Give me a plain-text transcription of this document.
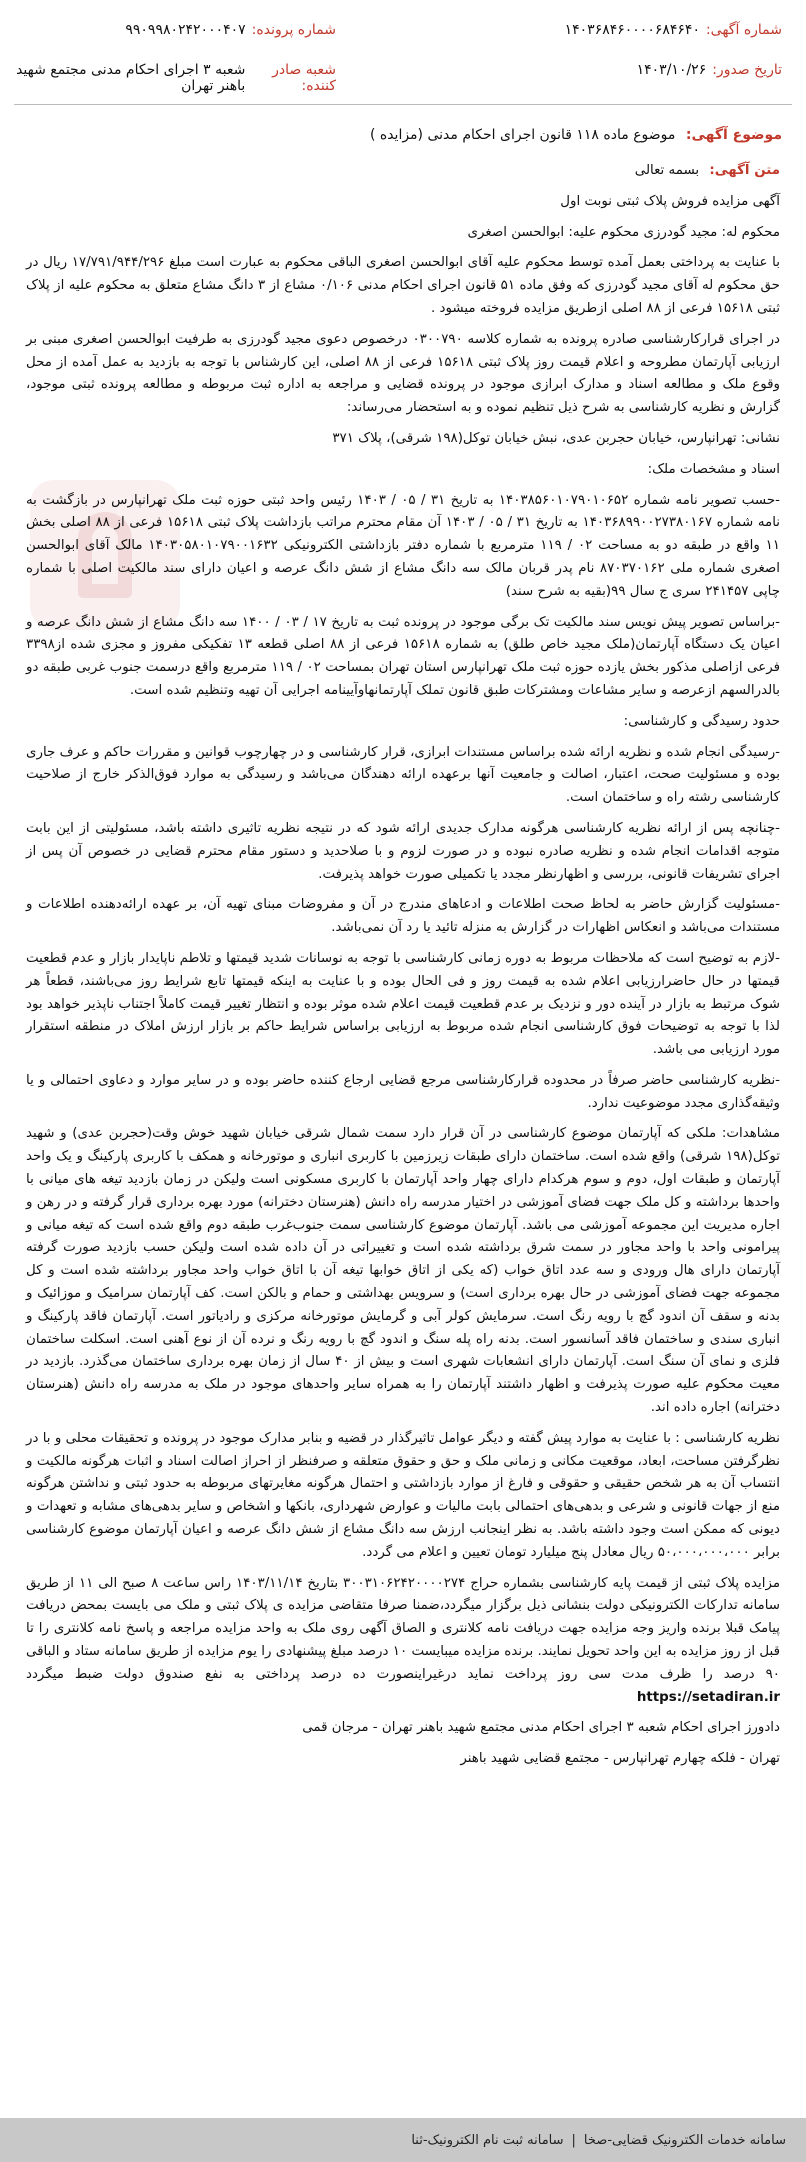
شماره آگهی:
۱۴۰۳۶۸۴۶۰۰۰۰۶۸۴۶۴۰
شماره پرونده:
۹۹۰۹۹۸۰۲۴۲۰۰۰۴۰۷
تاریخ صدور:
۱۴۰۳/۱۰/۲۶
شعبه صادر کننده:
شعبه ۳ اجرای احکام مدنی مجتمع شهید باهنر تهران
موضوع آگهی: موضوع ماده ۱۱۸ قانون اجرای احکام مدنی (مزایده )

متن آگهی: بسمه تعالی

آگهی مزایده فروش پلاک ثبتی نوبت اول

محکوم له: مجید گودرزی محکوم علیه: ابوالحسن اصغری

با عنایت به پرداختی بعمل آمده توسط محکوم علیه آقای ابوالحسن اصغری الباقی محکوم به عبارت است مبلغ ۱۷/۷۹۱/۹۴۴/۲۹۶ ریال در حق محکوم له آقای مجید گودرزی که وفق ماده ۵۱ قانون اجرای احکام مدنی ۰/۱۰۶ مشاع از ۳ دانگ مشاع متعلق به محکوم علیه از پلاک ثبتی ۱۵۶۱۸ فرعی از ۸۸ اصلی ازطریق مزایده فروخته میشود .

در اجرای قرارکارشناسی صادره پرونده به شماره کلاسه ۰۳۰۰۷۹۰ درخصوص دعوی مجید گودرزی به طرفیت ابوالحسن اصغری مبنی بر ارزیابی آپارتمان مطروحه و اعلام قیمت روز پلاک ثبتی ۱۵۶۱۸ فرعی از ۸۸ اصلی، این کارشناس با توجه به بازدید به عمل آمده از محل وقوع ملک و مطالعه اسناد و مدارک ابرازی موجود در پرونده قضایی و مراجعه به اداره ثبت مربوطه و مطالعه پرونده ثبتی موجود، گزارش و نظریه کارشناسی به شرح ذیل تنظیم نموده و به استحضار می‌رساند:

نشانی: تهرانپارس، خیابان حجربن عدی، نبش خیابان توکل(۱۹۸ شرقی)، پلاک ۳۷۱

اسناد و مشخصات ملک:

-حسب تصویر نامه شماره ۱۴۰۳۸۵۶۰۱۰۷۹۰۱۰۶۵۲ به تاریخ ۳۱ / ۰۵ / ۱۴۰۳ رئیس واحد ثبتی حوزه ثبت ملک تهرانپارس در بازگشت به نامه شماره ۱۴۰۳۶۸۹۹۰۰۲۷۳۸۰۱۶۷ به تاریخ ۳۱ / ۰۵ / ۱۴۰۳ آن مقام محترم مراتب بازداشت پلاک ثبتی ۱۵۶۱۸ فرعی از ۸۸ اصلی بخش ۱۱ واقع در طبقه دو به مساحت ۰۲ / ۱۱۹ مترمربع با شماره دفتر بازداشتی الکترونیکی ۱۴۰۳۰۵۸۰۱۰۷۹۰۰۱۶۳۲ مالک آقای ابوالحسن اصغری شماره ملی ۸۷۰۳۷۰۱۶۲ نام پدر قربان مالک سه دانگ مشاع از شش دانگ عرصه و اعیان دارای سند مالکیت اصلی با شماره چاپی ۲۴۱۴۵۷ سری ج سال ۹۹(بقیه به شرح سند)

-براساس تصویر پیش نویس سند مالکیت تک برگی موجود در پرونده ثبت به تاریخ ۱۷ / ۰۳ / ۱۴۰۰ سه دانگ مشاع از شش دانگ عرصه و اعیان یک دستگاه آپارتمان(ملک مجید خاص طلق) به شماره ۱۵۶۱۸ فرعی از ۸۸ اصلی قطعه ۱۳ تفکیکی مفروز و مجزی شده از۳۳۹۸ فرعی ازاصلی مذکور بخش یازده حوزه ثبت ملک تهرانپارس استان تهران بمساحت ۰۲ / ۱۱۹ مترمربع واقع درسمت جنوب غربی طبقه دو بالدرالسهم ازعرصه و سایر مشاعات ومشترکات طبق قانون تملک آپارتمانهاوآیینامه اجرایی آن تهیه وتنظیم شده است.

حدود رسیدگی و کارشناسی:

-رسیدگی انجام شده و نظریه ارائه شده براساس مستندات ابرازی، قرار کارشناسی و در چهارچوب قوانین و مقررات حاکم و عرف جاری بوده و مسئولیت صحت، اعتبار، اصالت و جامعیت آنها برعهده ارائه دهندگان می‌باشد و رسیدگی به موارد فوق‌الذکر خارج از صلاحیت کارشناسی رشته راه و ساختمان است.

-چنانچه پس از ارائه نظریه کارشناسی هرگونه مدارک جدیدی ارائه شود که در نتیجه نظریه تاثیری داشته باشد، مسئولیتی از این بابت متوجه اقدامات انجام شده و نظریه صادره نبوده و در صورت لزوم و با صلاحدید و دستور مقام محترم قضایی در خصوص آن پس از اجرای تشریفات قانونی، بررسی و اظهارنظر مجدد یا تکمیلی صورت خواهد پذیرفت.

-مسئولیت گزارش حاضر به لحاظ صحت اطلاعات و ادعاهای مندرج در آن و مفروضات مبنای تهیه آن، بر عهده ارائه‌دهنده اطلاعات و مستندات می‌باشد و انعکاس اظهارات در گزارش به منزله تائید یا رد آن نمی‌باشد.

-لازم به توضیح است که ملاحظات مربوط به دوره زمانی کارشناسی با توجه به نوسانات شدید قیمتها و تلاطم ناپایدار بازار و عدم قطعیت قیمتها در حال حاضرارزیابی اعلام شده به قیمت روز و فی الحال بوده و با عنایت به اینکه قیمتها تابع شرایط روز می‌باشند، قطعاً هر شوک مرتبط به بازار در آینده دور و نزدیک بر عدم قطعیت قیمت اعلام شده موثر بوده و انتظار تغییر قیمت کاملاً اجتناب ناپذیر خواهد بود لذا با توجه به توضیحات فوق کارشناسی انجام شده مربوط به ارزیابی براساس شرایط حاکم بر بازار ارزش املاک در منطقه استقرار مورد ارزیابی می باشد.

-نظریه کارشناسی حاضر صرفاً در محدوده قرارکارشناسی مرجع قضایی ارجاع کننده حاضر بوده و در سایر موارد و دعاوی احتمالی و یا وثیقه‌گذاری مجدد موضوعیت ندارد.

مشاهدات: ملکی که آپارتمان موضوع کارشناسی در آن قرار دارد سمت شمال شرقی خیابان شهید خوش وقت(حجربن عدی) و شهید توکل(۱۹۸ شرقی) واقع شده است. ساختمان دارای طبقات زیرزمین با کاربری انباری و موتورخانه و همکف با کاربری پارکینگ و یک واحد آپارتمان و طبقات اول، دوم و سوم هرکدام دارای چهار واحد آپارتمان با کاربری مسکونی است ولیکن در زمان بازدید تیغه های میانی با واحدها برداشته و کل ملک جهت فضای آموزشی در اختیار مدرسه راه دانش (هنرستان دخترانه) مورد بهره برداری قرار گرفته و در رهن و اجاره مدیریت این مجموعه آموزشی می باشد. آپارتمان موضوع کارشناسی سمت جنوب‌غرب طبقه دوم واقع شده است که تیغه میانی و پیرامونی واحد با واحد مجاور در سمت شرق برداشته شده است و تغییراتی در آن داده شده است ولیکن حسب بازدید صورت گرفته آپارتمان دارای هال ورودی و سه عدد اتاق خواب (که یکی از اتاق خوابها تیغه آن با اتاق خواب واحد مجاور برداشته شده است و کل مجموعه جهت فضای آموزشی در حال بهره برداری است) و سرویس بهداشتی و حمام و بالکن است. کف آپارتمان سرامیک و موزائیک و بدنه و سقف آن اندود گچ با رویه رنگ است. سرمایش کولر آبی و گرمایش موتورخانه مرکزی و رادیاتور است. آپارتمان فاقد پارکینگ و انباری سندی و ساختمان فاقد آسانسور است. بدنه راه پله سنگ و اندود گچ با رویه رنگ و نرده آن از نوع آهنی است. اسکلت ساختمان فلزی و نمای آن سنگ است. آپارتمان دارای انشعابات شهری است و بیش از ۴۰ سال از زمان بهره برداری ساختمان می‌گذرد. بازدید در معیت محکوم علیه صورت پذیرفت و اظهار داشتند آپارتمان را به همراه سایر واحدهای موجود در ملک به مدرسه راه دانش (هنرستان دخترانه) اجاره داده اند.

نظریه کارشناسی : با عنایت به موارد پیش گفته و دیگر عوامل تاثیرگذار در قضیه و بنابر مدارک موجود در پرونده و تحقیقات محلی و با در نظرگرفتن مساحت، ابعاد، موقعیت مکانی و زمانی ملک و حق و حقوق متعلقه و صرفنظر از احراز اصالت اسناد و اثبات هرگونه مالکیت و انتساب آن به هر شخص حقیقی و حقوقی و فارغ از موارد بازداشتی و احتمال هرگونه مغایرتهای مربوطه به حدود ثبتی و نداشتن هرگونه منع از جهات قانونی و شرعی و بدهی‌های احتمالی بابت مالیات و عوارض شهرداری، بانکها و اشخاص و سایر بدهی‌های مشابه و تعهدات و دیونی که ممکن است وجود داشته باشد. به نظر اینجانب ارزش سه دانگ مشاع از شش دانگ عرصه و اعیان آپارتمان موضوع کارشناسی برابر ۵۰،۰۰۰،۰۰۰،۰۰۰ ریال معادل پنج میلیارد تومان تعیین و اعلام می گردد.

مزایده پلاک ثبتی از قیمت پایه کارشناسی بشماره حراج ۳۰۰۳۱۰۶۲۴۲۰۰۰۰۲۷۴ بتاریخ ۱۴۰۳/۱۱/۱۴ راس ساعت ۸ صبح الی ۱۱ از طریق سامانه تدارکات الکترونیکی دولت بنشانی ذیل برگزار میگردد،ضمنا صرفا متقاضی مزایده ی پلاک ثبتی و ملک می بایست بمحض دریافت پیامک قبلا برنده واریز وجه مزایده جهت دریافت نامه کلانتری و الصاق آگهی روی ملک به واحد مزایده مراجعه و پاسخ نامه کلانتری را تا قبل از روز مزایده به این واحد تحویل نمایند. برنده مزایده میبایست ۱۰ درصد مبلغ پیشنهادی را یوم مزایده از طریق سامانه ستاد و الباقی ۹۰ درصد را ظرف مدت سی روز پرداخت نماید درغیراینصورت ده درصد پرداختی به نفع صندوق دولت ضبط میگردد https://setadiran.ir

دادورز اجرای احکام شعبه ۳ اجرای احکام مدنی مجتمع شهید باهنر تهران - مرجان قمی

تهران - فلکه چهارم تهرانپارس - مجتمع قضایی شهید باهنر

سامانه خدمات الکترونیک قضایی-صخا
|
سامانه ثبت نام الکترونیک-ثنا
